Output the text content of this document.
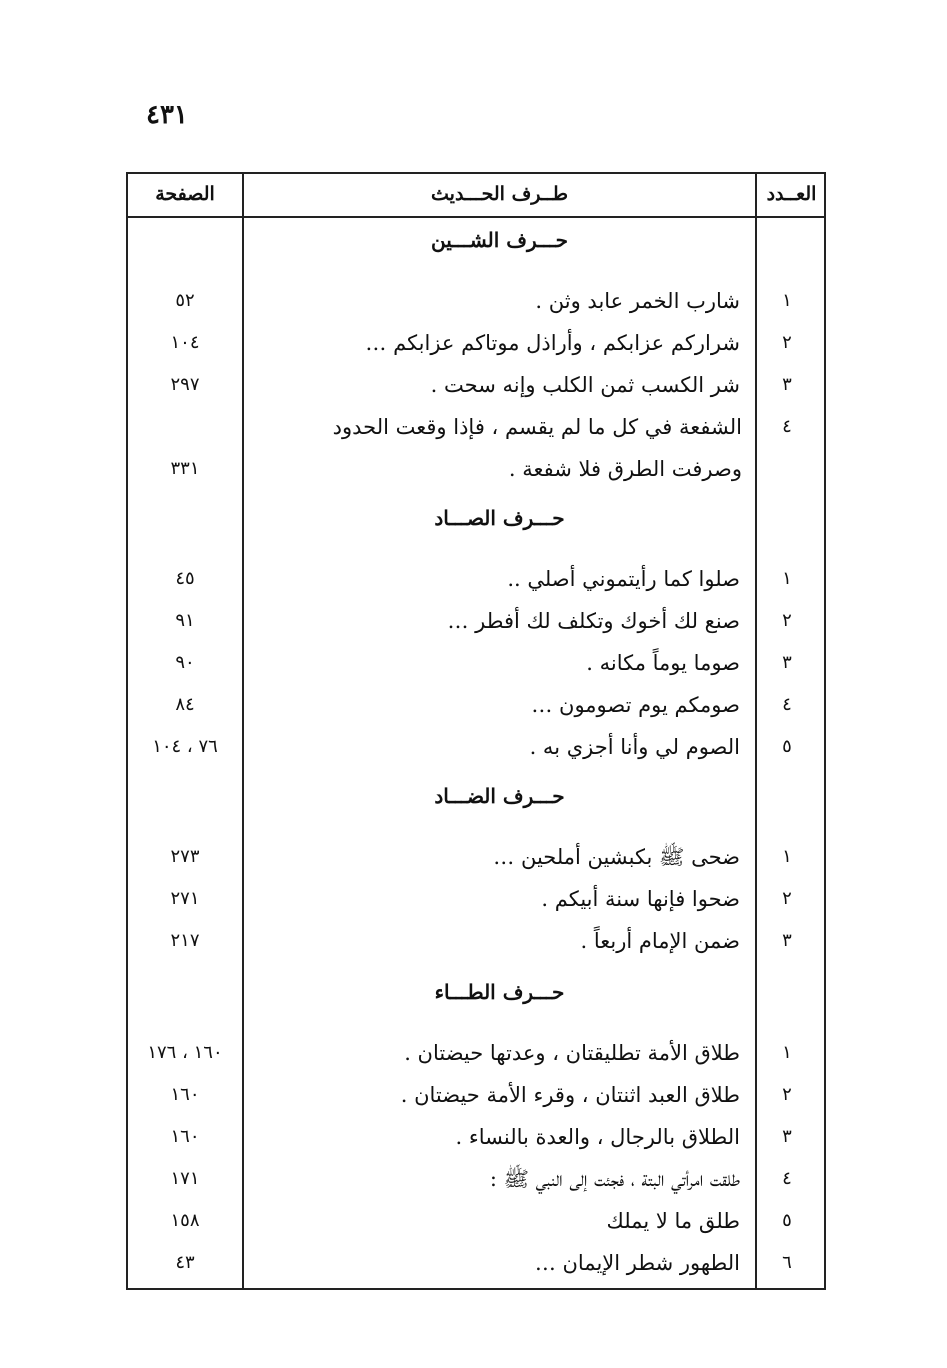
٤٣١
الصفحة	طــرف الحـــديث	العــدد
حـــرف الشـــين
١
شارب الخمر عابد وثن .
٥٢
٢
شراركم عزابكم ، وأراذل موتاكم عزابكم …
١٠٤
٣
شر الكسب ثمن الكلب وإنه سحت .
٢٩٧
٤
الشفعة في كل ما لم يقسم ، فإذا وقعت الحدود وصرفت الطرق فلا شفعة .
٣٣١
حـــرف الصـــاد
١
صلوا كما رأيتموني أصلي ..
٤٥
٢
صنع لك أخوك وتكلف لك أفطر …
٩١
٣
صوما يوماً مكانه .
٩٠
٤
صومكم يوم تصومون …
٨٤
٥
الصوم لي وأنا أجزي به .
٧٦ ، ١٠٤
حـــرف الضـــاد
١
ضحى ﷺ بكبشين أملحين …
٢٧٣
٢
ضحوا فإنها سنة أبيكم .
٢٧١
٣
ضمن الإمام أربعاً .
٢١٧
حـــرف الطـــاء
١
طلاق الأمة تطليقتان ، وعدتها حيضتان .
١٦٠ ، ١٧٦
٢
طلاق العبد اثنتان ، وقرء الأمة حيضتان .
١٦٠
٣
الطلاق بالرجال ، والعدة بالنساء .
١٦٠
٤
طلقت امرأتي البتة ، فجئت إلى النبي ﷺ :
١٧١
٥
طلق ما لا يملك
١٥٨
٦
الطهور شطر الإيمان …
٤٣
